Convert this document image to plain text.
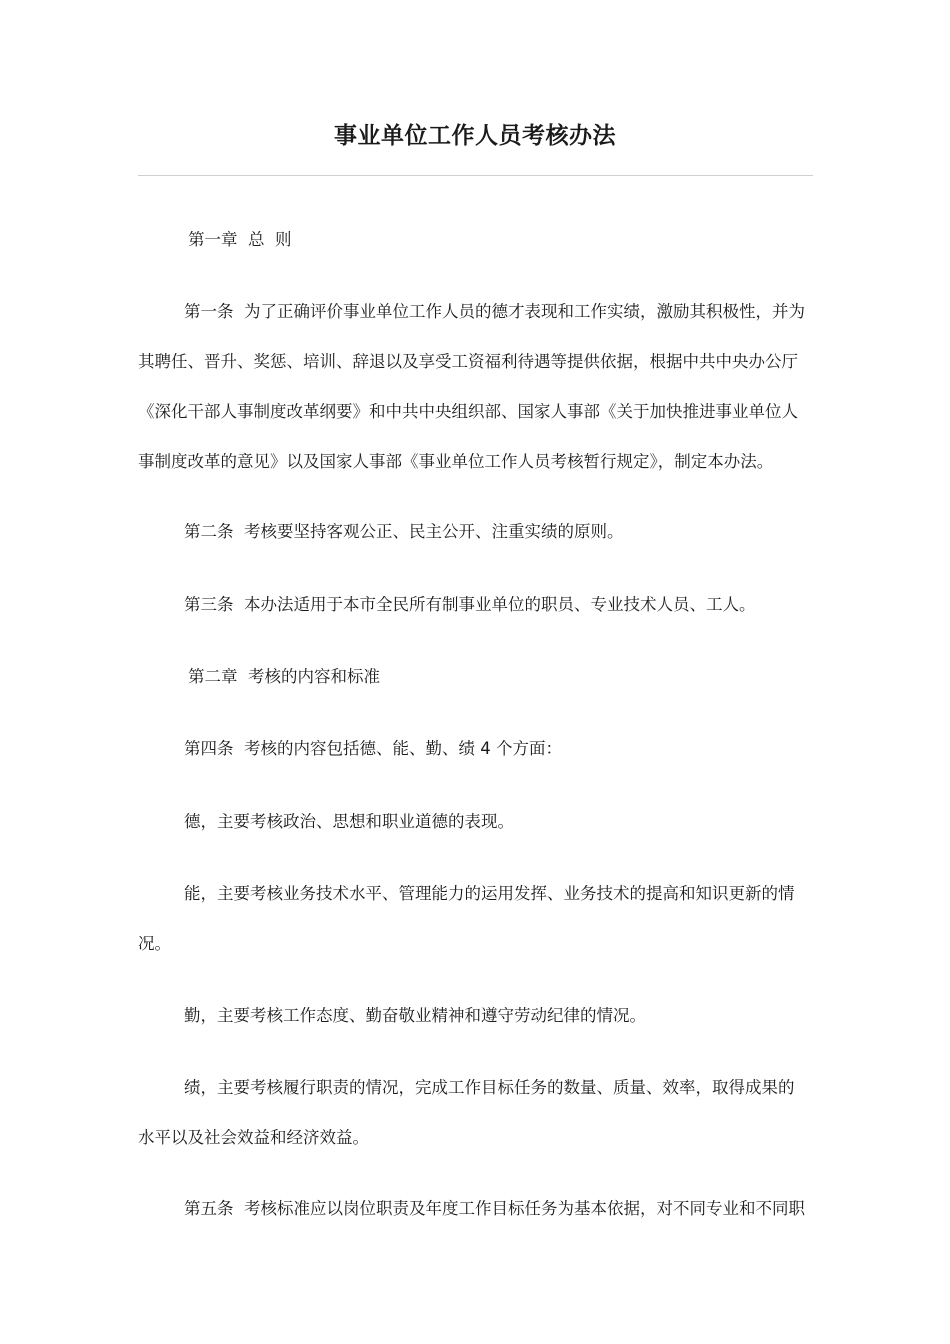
事业单位工作人员考核办法
第一章  总  则
第一条  为了正确评价事业单位工作人员的德才表现和工作实绩，激励其积极性，并为
其聘任、晋升、奖惩、培训、辞退以及享受工资福利待遇等提供依据，根据中共中央办公厅
《深化干部人事制度改革纲要》和中共中央组织部、国家人事部《关于加快推进事业单位人
事制度改革的意见》以及国家人事部《事业单位工作人员考核暂行规定》，制定本办法。
第二条  考核要坚持客观公正、民主公开、注重实绩的原则。
第三条  本办法适用于本市全民所有制事业单位的职员、专业技术人员、工人。
第二章  考核的内容和标准
第四条  考核的内容包括德、能、勤、绩 4 个方面：
德，主要考核政治、思想和职业道德的表现。
能，主要考核业务技术水平、管理能力的运用发挥、业务技术的提高和知识更新的情
况。
勤，主要考核工作态度、勤奋敬业精神和遵守劳动纪律的情况。
绩，主要考核履行职责的情况，完成工作目标任务的数量、质量、效率，取得成果的
水平以及社会效益和经济效益。
第五条  考核标准应以岗位职责及年度工作目标任务为基本依据，对不同专业和不同职
